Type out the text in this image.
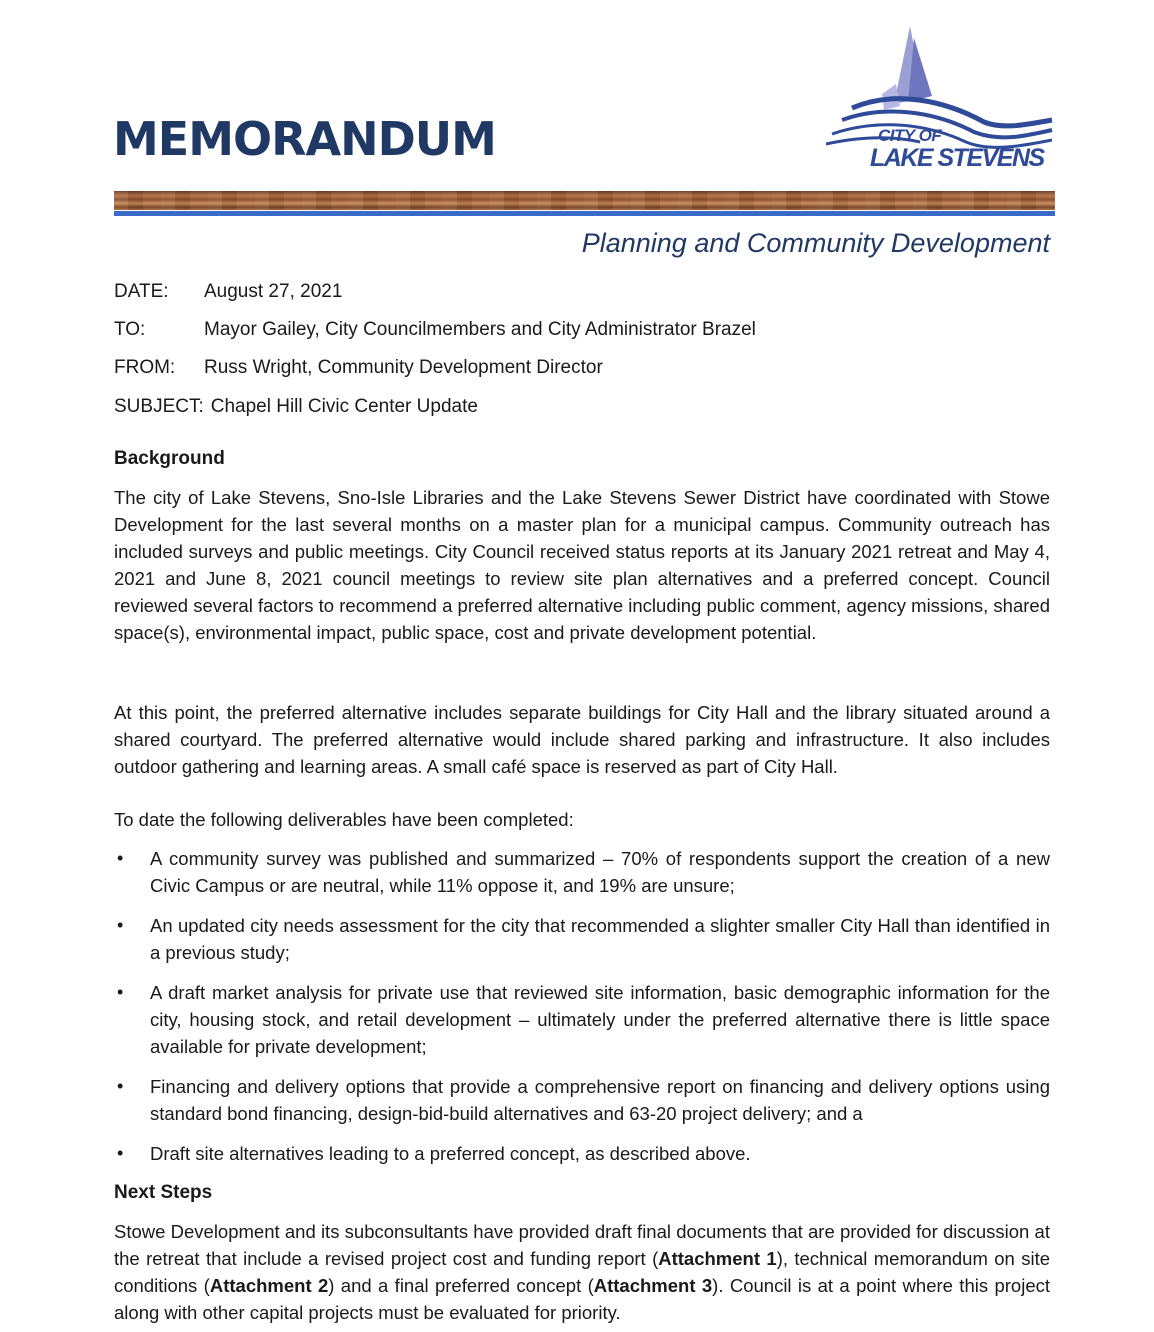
MEMORANDUM	CITY OF
LAKE STEVENS

Planning and Community Development

DATE: August 27, 2021
TO:	Mayor Gailey, City Councilmembers and City Administrator Brazel
FROM: Russ Wright, Community Development Director
SUBJECT: Chapel Hill Civic Center Update
Background

The city of Lake Stevens, Sno-Isle Libraries and the Lake Stevens Sewer District have coordinated with Stowe Development for the last several months on a master plan for a municipal campus. Community outreach has included surveys and public meetings. City Council received status reports at its January 2021 retreat and May 4, 2021 and June 8, 2021 council meetings to review site plan alternatives and a preferred concept. Council reviewed several factors to recommend a preferred alternative including public comment, agency missions, shared space(s), environmental impact, public space, cost and private development potential.

At this point, the preferred alternative includes separate buildings for City Hall and the library situated around a shared courtyard. The preferred alternative would include shared parking and infrastructure. It also includes outdoor gathering and learning areas. A small café space is reserved as part of City Hall.

To date the following deliverables have been completed:

• A community survey was published and summarized – 70% of respondents support the creation of a new Civic Campus or are neutral, while 11% oppose it, and 19% are unsure;
• An updated city needs assessment for the city that recommended a slighter smaller City Hall than identified in a previous study;
• A draft market analysis for private use that reviewed site information, basic demographic information for the city, housing stock, and retail development – ultimately under the preferred alternative there is little space available for private development;
• Financing and delivery options that provide a comprehensive report on financing and delivery options using standard bond financing, design-bid-build alternatives and 63-20 project delivery; and a
• Draft site alternatives leading to a preferred concept, as described above.
Next Steps

Stowe Development and its subconsultants have provided draft final documents that are provided for discussion at the retreat that include a revised project cost and funding report (Attachment 1), technical memorandum on site conditions (Attachment 2) and a final preferred concept (Attachment 3). Council is at a point where this project along with other capital projects must be evaluated for priority.
